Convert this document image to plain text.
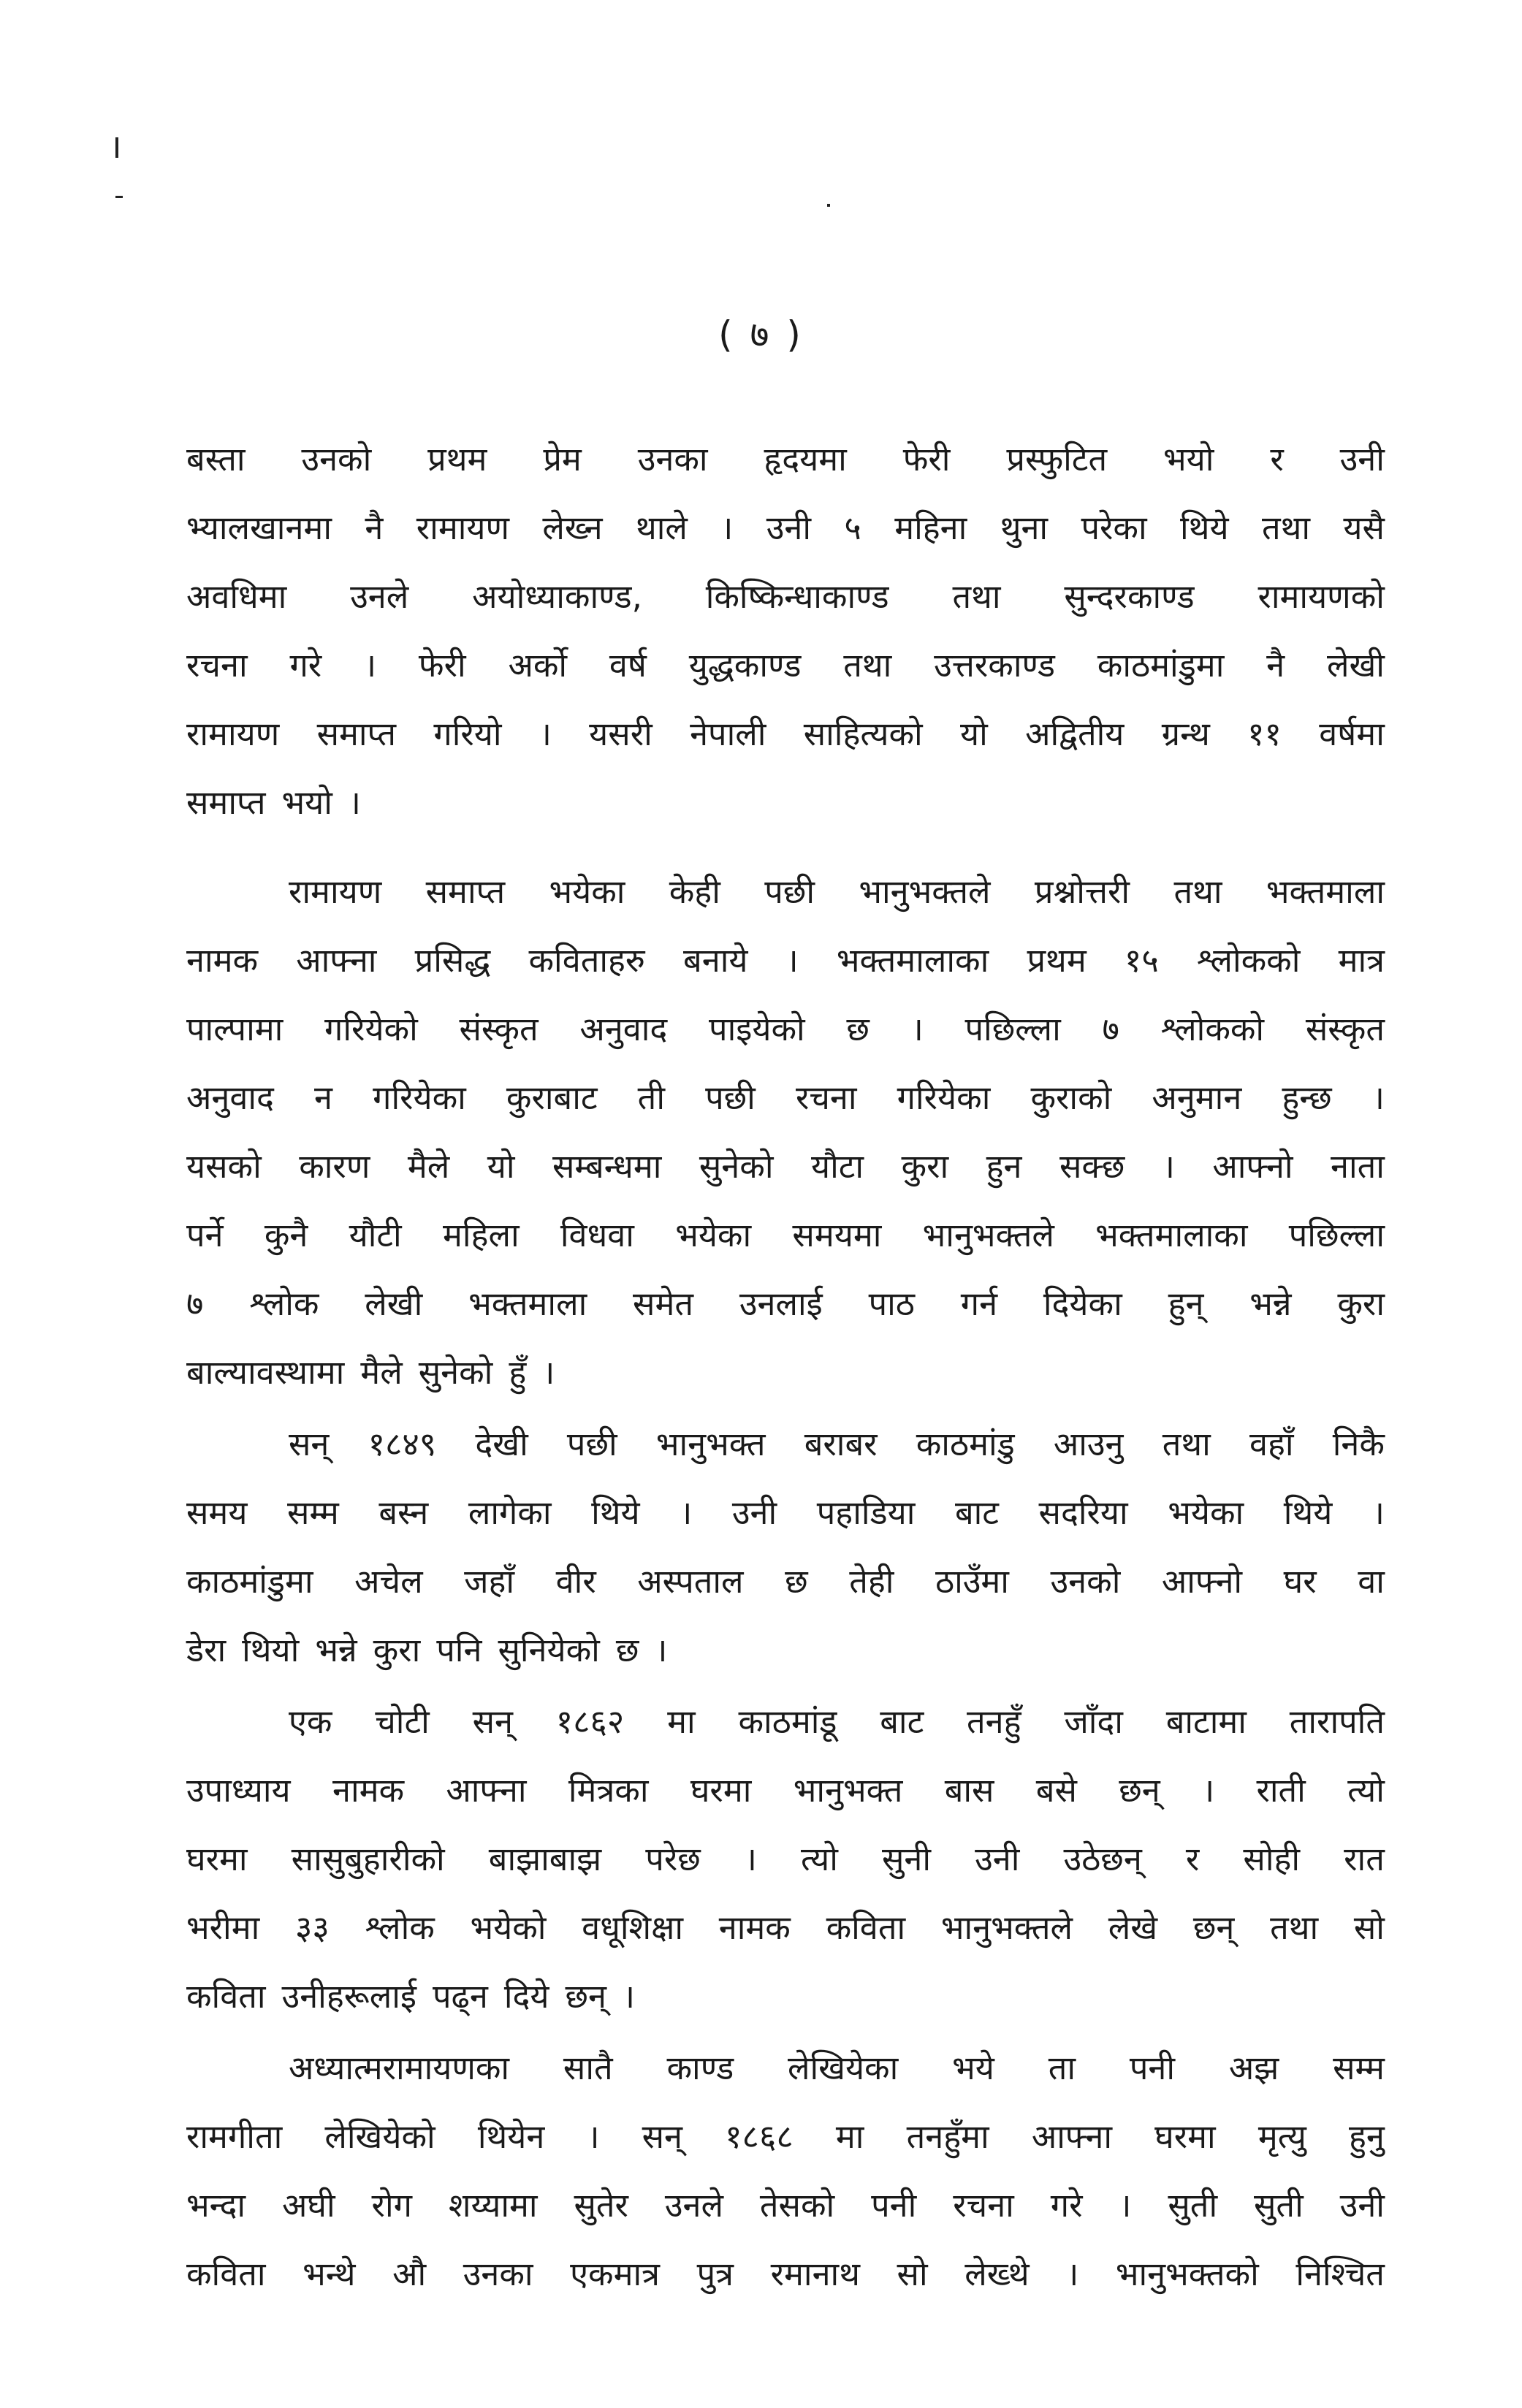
( ७ )
बस्ता उनको प्रथम प्रेम उनका हृदयमा फेरी प्रस्फुटित भयो र उनी
भ्यालखानमा नै रामायण लेख्न थाले । उनी ५ महिना थुना परेका थिये तथा यसै
अवधिमा उनले अयोध्याकाण्ड, किष्किन्धाकाण्ड तथा सुन्दरकाण्ड रामायणको
रचना गरे । फेरी अर्को वर्ष युद्धकाण्ड तथा उत्तरकाण्ड काठमांडुमा नै लेखी
रामायण समाप्त गरियो । यसरी नेपाली साहित्यको यो अद्वितीय ग्रन्थ ११ वर्षमा
समाप्त भयो ।
रामायण समाप्त भयेका केही पछी भानुभक्तले प्रश्नोत्तरी तथा भक्तमाला
नामक आफ्ना प्रसिद्ध कविताहरु बनाये । भक्तमालाका प्रथम १५ श्लोकको मात्र
पाल्पामा गरियेको संस्कृत अनुवाद पाइयेको छ । पछिल्ला ७ श्लोकको संस्कृत
अनुवाद न गरियेका कुराबाट ती पछी रचना गरियेका कुराको अनुमान हुन्छ ।
यसको कारण मैले यो सम्बन्धमा सुनेको यौटा कुरा हुन सक्छ । आफ्नो नाता
पर्ने कुनै यौटी महिला विधवा भयेका समयमा भानुभक्तले भक्तमालाका पछिल्ला
७ श्लोक लेखी भक्तमाला समेत उनलाई पाठ गर्न दियेका हुन् भन्ने कुरा
बाल्यावस्थामा मैले सुनेको हुँ ।
सन् १८४९ देखी पछी भानुभक्त बराबर काठमांडु आउनु तथा वहाँ निकै
समय सम्म बस्न लागेका थिये । उनी पहाडिया बाट सदरिया भयेका थिये ।
काठमांडुमा अचेल जहाँ वीर अस्पताल छ तेही ठाउँमा उनको आफ्नो घर वा
डेरा थियो भन्ने कुरा पनि सुनियेको छ ।
एक चोटी सन् १८६२ मा काठमांडू बाट तनहुँ जाँदा बाटामा तारापति
उपाध्याय नामक आफ्ना मित्रका घरमा भानुभक्त बास बसे छन् । राती त्यो
घरमा सासुबुहारीको बाझाबाझ परेछ । त्यो सुनी उनी उठेछन् र सोही रात
भरीमा ३३ श्लोक भयेको वधूशिक्षा नामक कविता भानुभक्तले लेखे छन् तथा सो
कविता उनीहरूलाई पढ्न दिये छन् ।
अध्यात्मरामायणका सातै काण्ड लेखियेका भये ता पनी अझ सम्म
रामगीता लेखियेको थियेन । सन् १८६८ मा तनहुँमा आफ्ना घरमा मृत्यु हुनु
भन्दा अघी रोग शय्यामा सुतेर उनले तेसको पनी रचना गरे । सुती सुती उनी
कविता भन्थे औ उनका एकमात्र पुत्र रमानाथ सो लेख्थे । भानुभक्तको निश्चित
